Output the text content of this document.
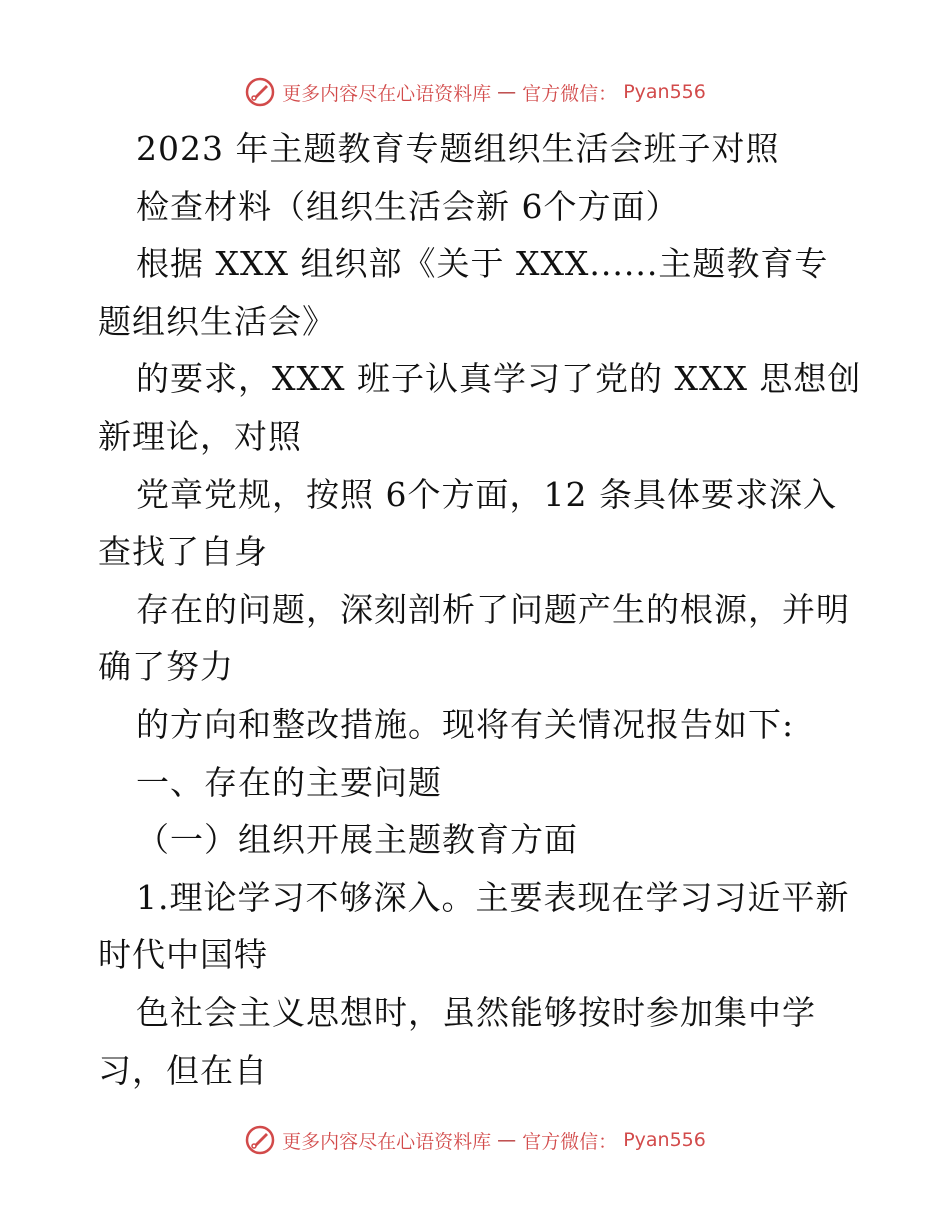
更多内容尽在心语资料库 — 官方微信： Pyan556
2023 年主题教育专题组织生活会班子对照
检查材料（组织生活会新 6个方面）
根据 XXX 组织部《关于 XXX......主题教育专
题组织生活会》
的要求，XXX 班子认真学习了党的 XXX 思想创
新理论，对照
党章党规，按照 6个方面，12 条具体要求深入
查找了自身
存在的问题，深刻剖析了问题产生的根源，并明
确了努力
的方向和整改措施。现将有关情况报告如下:
一、存在的主要问题
（一）组织开展主题教育方面
1.理论学习不够深入。主要表现在学习习近平新
时代中国特
色社会主义思想时，虽然能够按时参加集中学
习，但在自
更多内容尽在心语资料库 — 官方微信： Pyan556
